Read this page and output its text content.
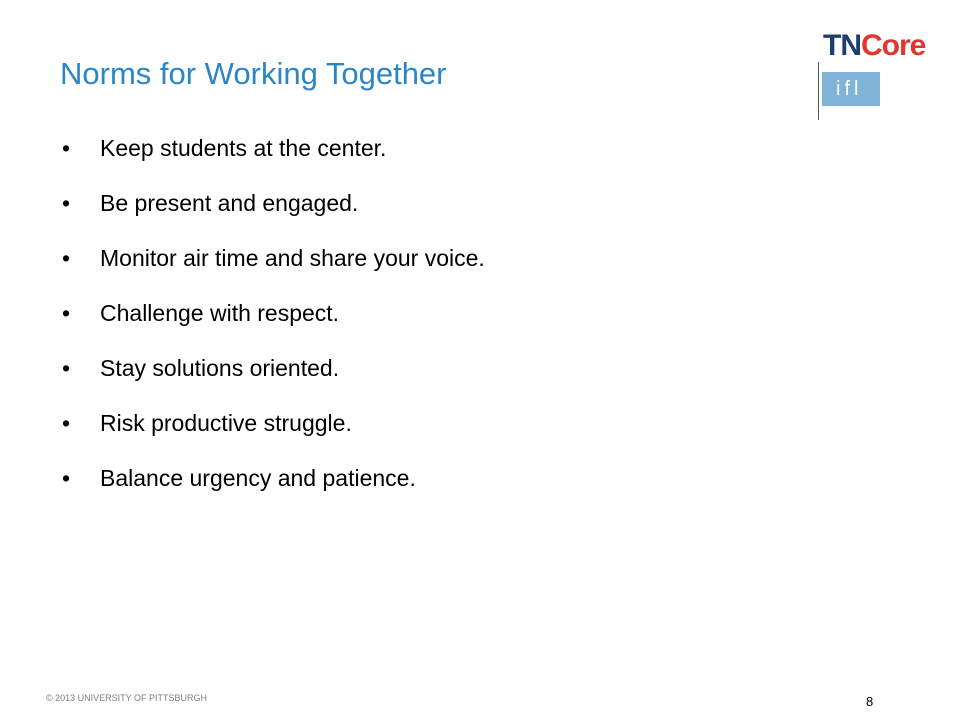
Norms for Working Together
TNCore
ifl
• Keep students at the center.
• Be present and engaged.
• Monitor air time and share your voice.
• Challenge with respect.
• Stay solutions oriented.
• Risk productive struggle.
• Balance urgency and patience.
© 2013 UNIVERSITY OF PITTSBURGH	8
